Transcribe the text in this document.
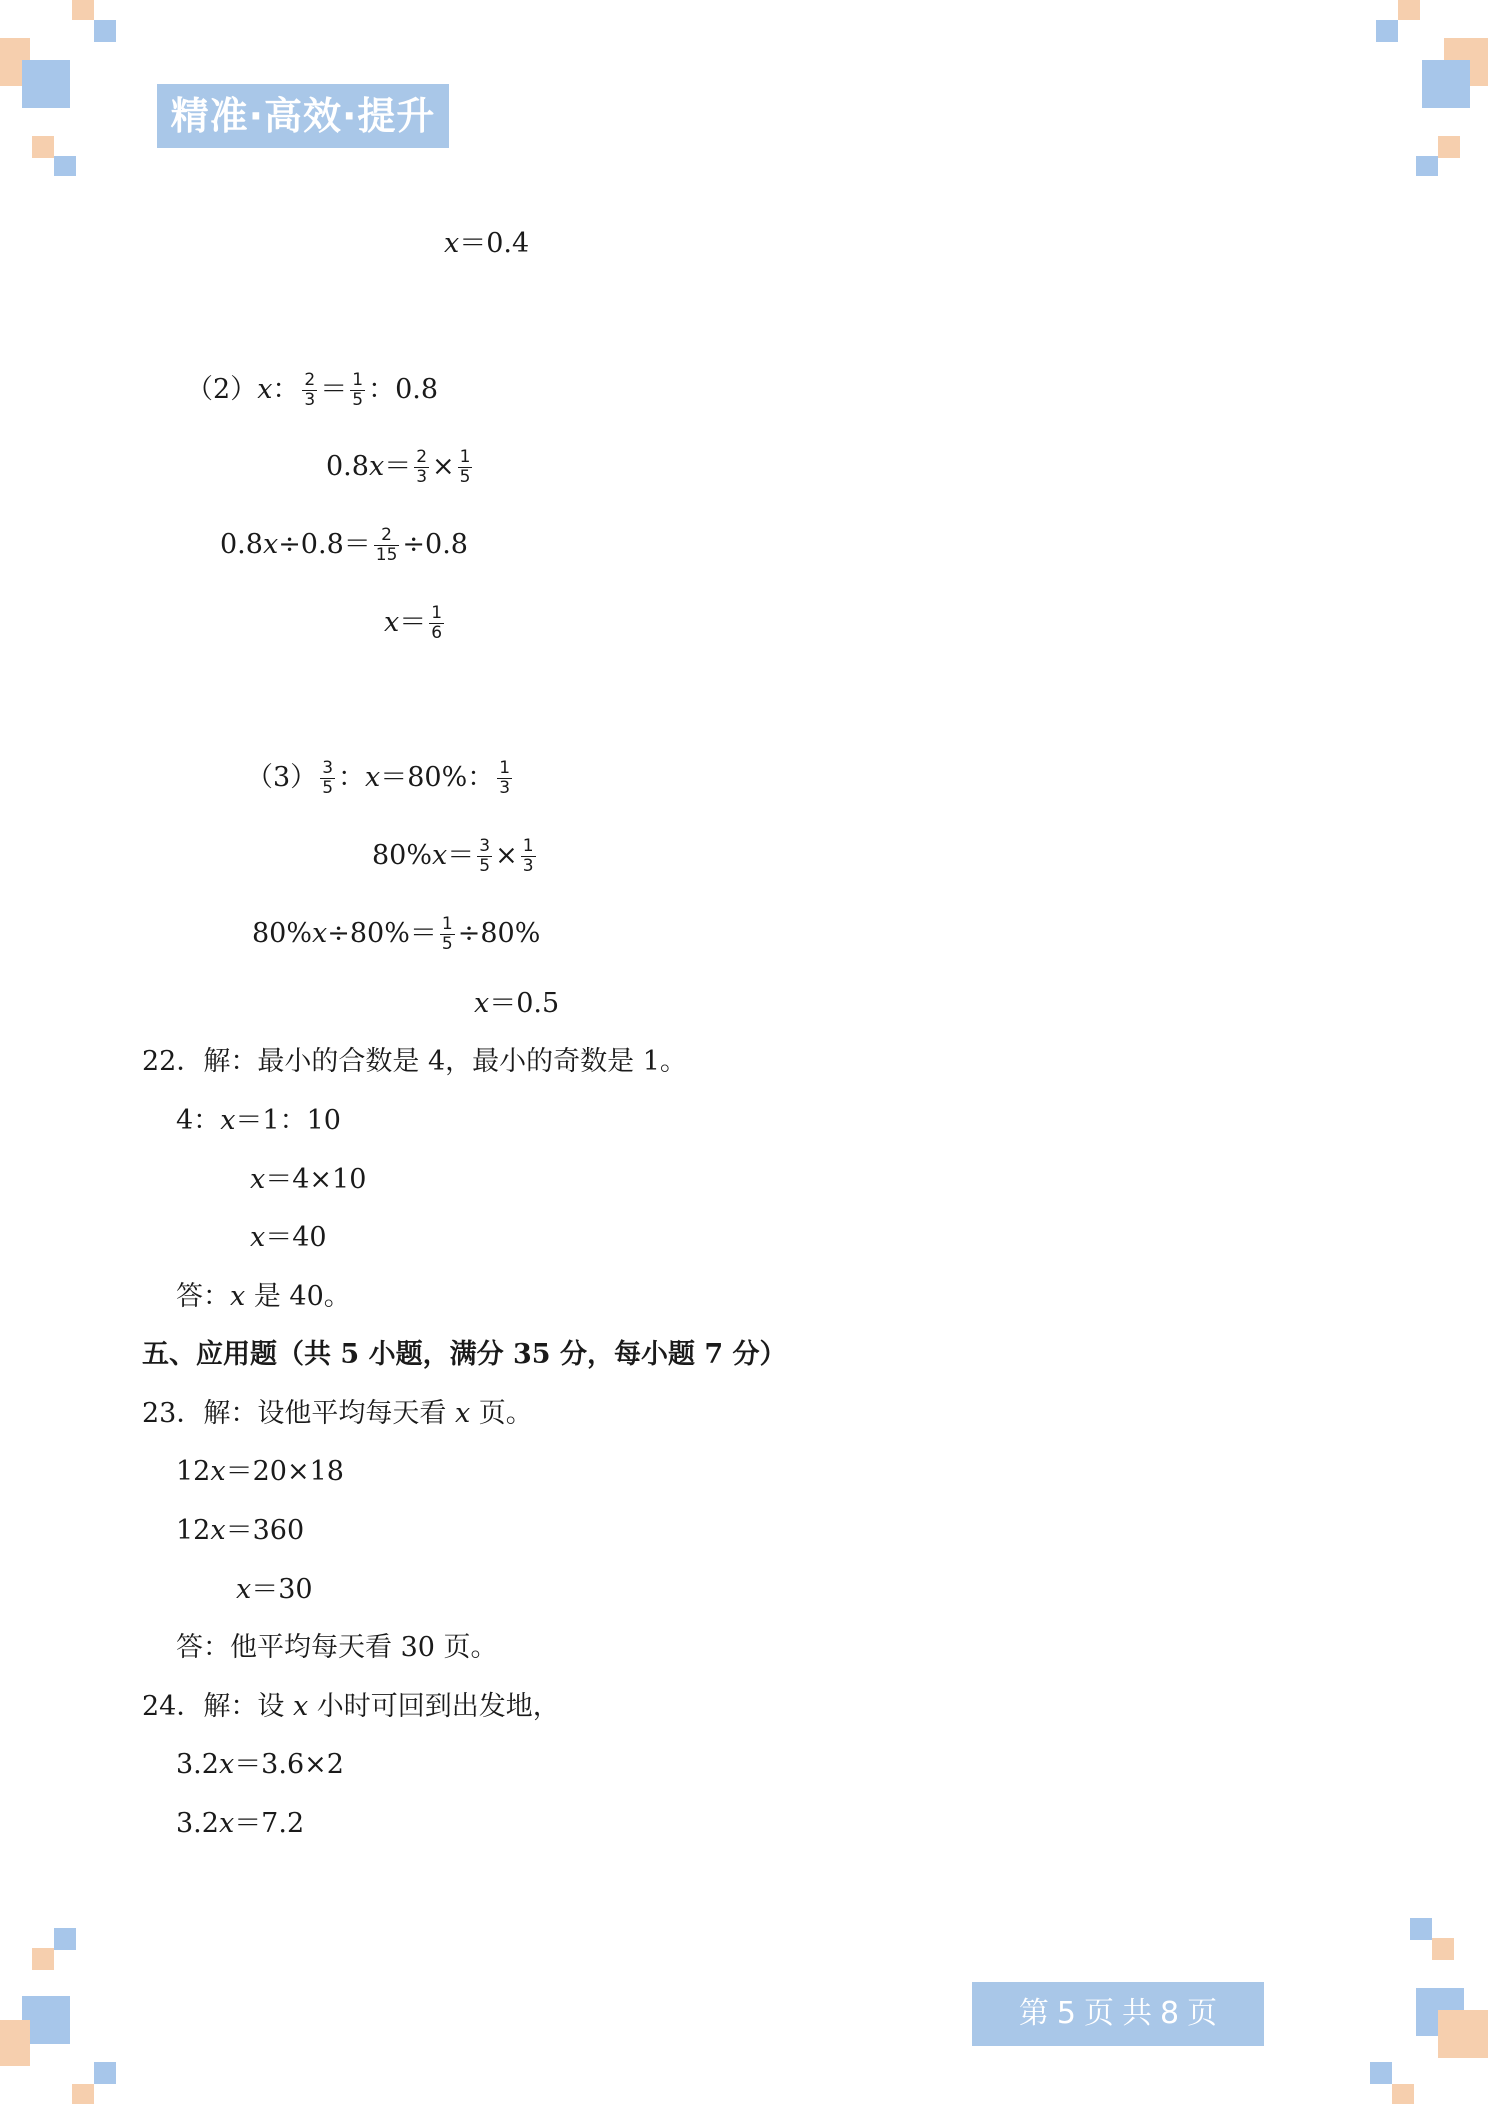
精准·高效·提升
x＝0.4
（2）x： $\frac{2}{3} = \frac{1}{5}$ ：0.8
$0.8x= \frac{2}{3} \times \frac{1}{5}$
$0.8x\div 0.8= \frac{2}{15} \div 0.8$
$x= \frac{1}{6}$
$(3) \frac{3}{5}$ ：x＝80%： $\frac{1}{3}$
$80\%x= \frac{3}{5} \times \frac{1}{3}$
$80\%x\div 80\%= \frac{1}{5} \div 80\%$
x＝0.5
22．解：最小的合数是 4，最小的奇数是 1。
4：x＝1：10
x＝4×10
x＝40
答：x 是 40。
五、应用题（共 5 小题，满分 35 分，每小题 7 分）
23．解：设他平均每天看 x 页。
12x＝20×18
12x＝360
x＝30
答：他平均每天看 30 页。
24．解：设 x 小时可回到出发地，
3.2x＝3.6×2
3.2x＝7.2
第 5 页 共 8 页
